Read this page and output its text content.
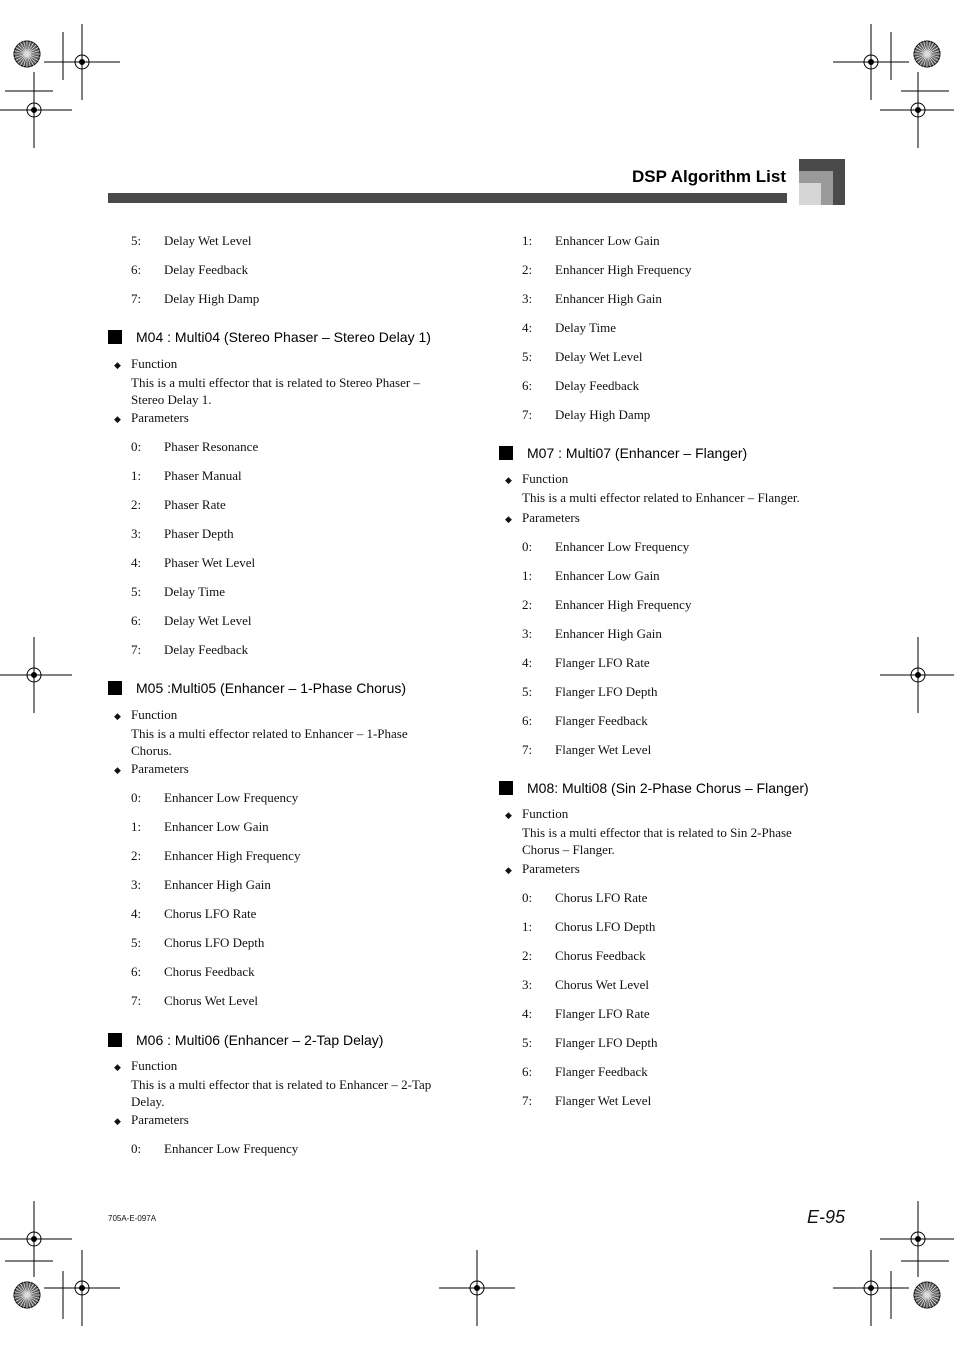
DSP Algorithm List
5: Delay Wet Level
6: Delay Feedback
7: Delay High Damp
M04 : Multi04 (Stereo Phaser – Stereo Delay 1)
◆ Function
This is a multi effector that is related to Stereo Phaser –
Stereo Delay 1.
◆ Parameters
0: Phaser Resonance
1: Phaser Manual
2: Phaser Rate
3: Phaser Depth
4: Phaser Wet Level
5: Delay Time
6: Delay Wet Level
7: Delay Feedback
M05 :Multi05 (Enhancer – 1-Phase Chorus)
◆ Function
This is a multi effector related to Enhancer – 1-Phase
Chorus.
◆ Parameters
0: Enhancer Low Frequency
1: Enhancer Low Gain
2: Enhancer High Frequency
3: Enhancer High Gain
4: Chorus LFO Rate
5: Chorus LFO Depth
6: Chorus Feedback
7: Chorus Wet Level
M06 : Multi06 (Enhancer – 2-Tap Delay)
◆ Function
This is a multi effector that is related to Enhancer – 2-Tap
Delay.
◆ Parameters
0: Enhancer Low Frequency
1: Enhancer Low Gain
2: Enhancer High Frequency
3: Enhancer High Gain
4: Delay Time
5: Delay Wet Level
6: Delay Feedback
7: Delay High Damp
M07 : Multi07 (Enhancer – Flanger)
◆ Function
This is a multi effector related to Enhancer – Flanger.
◆ Parameters
0: Enhancer Low Frequency
1: Enhancer Low Gain
2: Enhancer High Frequency
3: Enhancer High Gain
4: Flanger LFO Rate
5: Flanger LFO Depth
6: Flanger Feedback
7: Flanger Wet Level
M08: Multi08 (Sin 2-Phase Chorus – Flanger)
◆ Function
This is a multi effector that is related to Sin 2-Phase
Chorus – Flanger.
◆ Parameters
0: Chorus LFO Rate
1: Chorus LFO Depth
2: Chorus Feedback
3: Chorus Wet Level
4: Flanger LFO Rate
5: Flanger LFO Depth
6: Flanger Feedback
7: Flanger Wet Level
705A-E-097A	E-95
